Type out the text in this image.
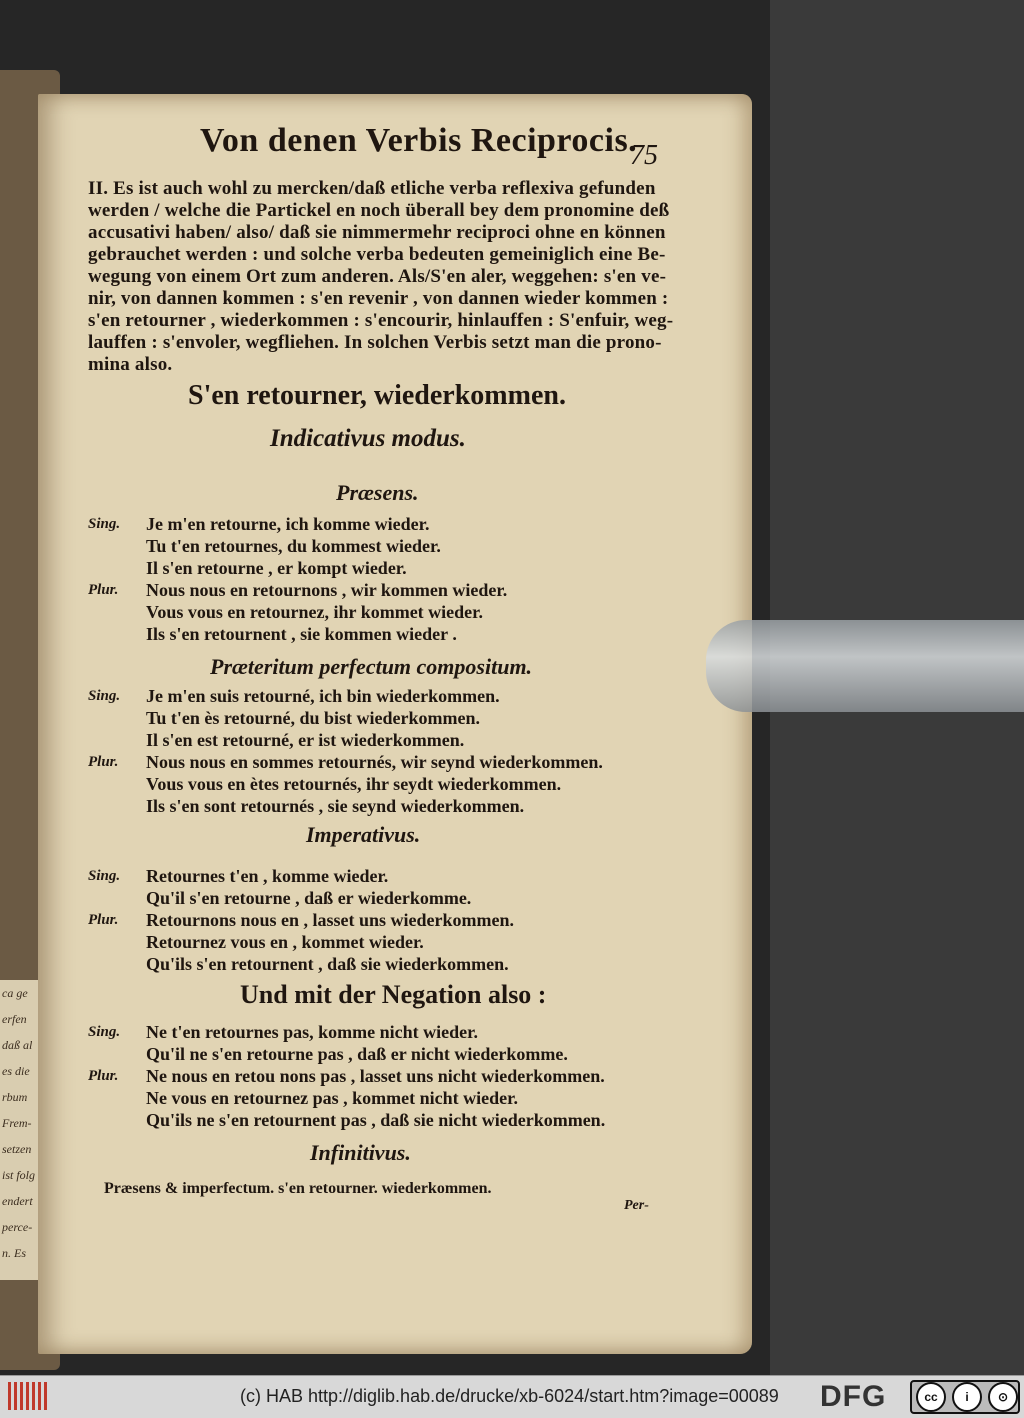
ca ge
erfen
daß al
es die
rbum
Frem-
setzen
ist folg
endert
perce-
n. Es
Von denen Verbis Reciprocis.
75
II. Es ist auch wohl zu mercken/daß etliche verba reflexiva gefunden
werden / welche die Partickel en noch überall bey dem pronomine deß
accusativi haben/ also/ daß sie nimmermehr reciproci ohne en können
gebrauchet werden : und solche verba bedeuten gemeiniglich eine Be-
wegung von einem Ort zum anderen. Als/S'en aler, weggehen: s'en ve-
nir, von dannen kommen : s'en revenir , von dannen wieder kommen :
s'en retourner , wiederkommen : s'encourir, hinlauffen : S'enfuir, weg-
lauffen : s'envoler, wegfliehen. In solchen Verbis setzt man die prono-
mina also.
S'en retourner, wiederkommen.
Indicativus modus.
Præsens.
Sing. Je m'en retourne, ich komme wieder.
Tu t'en retournes, du kommest wieder.
Il s'en retourne , er kompt wieder.
Plur. Nous nous en retournons , wir kommen wieder.
Vous vous en retournez, ihr kommet wieder.
Ils s'en retournent , sie kommen wieder .
Præteritum perfectum compositum.
Sing. Je m'en suis retourné, ich bin wiederkommen.
Tu t'en ès retourné, du bist wiederkommen.
Il s'en est retourné, er ist wiederkommen.
Plur. Nous nous en sommes retournés, wir seynd wiederkommen.
Vous vous en ètes retournés, ihr seydt wiederkommen.
Ils s'en sont retournés , sie seynd wiederkommen.
Imperativus.
Sing. Retournes t'en , komme wieder.
Qu'il s'en retourne , daß er wiederkomme.
Plur. Retournons nous en , lasset uns wiederkommen.
Retournez vous en , kommet wieder.
Qu'ils s'en retournent , daß sie wiederkommen.
Und mit der Negation also :
Sing. Ne t'en retournes pas, komme nicht wieder.
Qu'il ne s'en retourne pas , daß er nicht wiederkomme.
Plur. Ne nous en retou nons pas , lasset uns nicht wiederkommen.
Ne vous en retournez pas , kommet nicht wieder.
Qu'ils ne s'en retournent pas , daß sie nicht wiederkommen.
Infinitivus.
Præsens & imperfectum. s'en retourner. wiederkommen.
Per-
(c) HAB http://diglib.hab.de/drucke/xb-6024/start.htm?image=00089 DFG	cc	i	⊙
